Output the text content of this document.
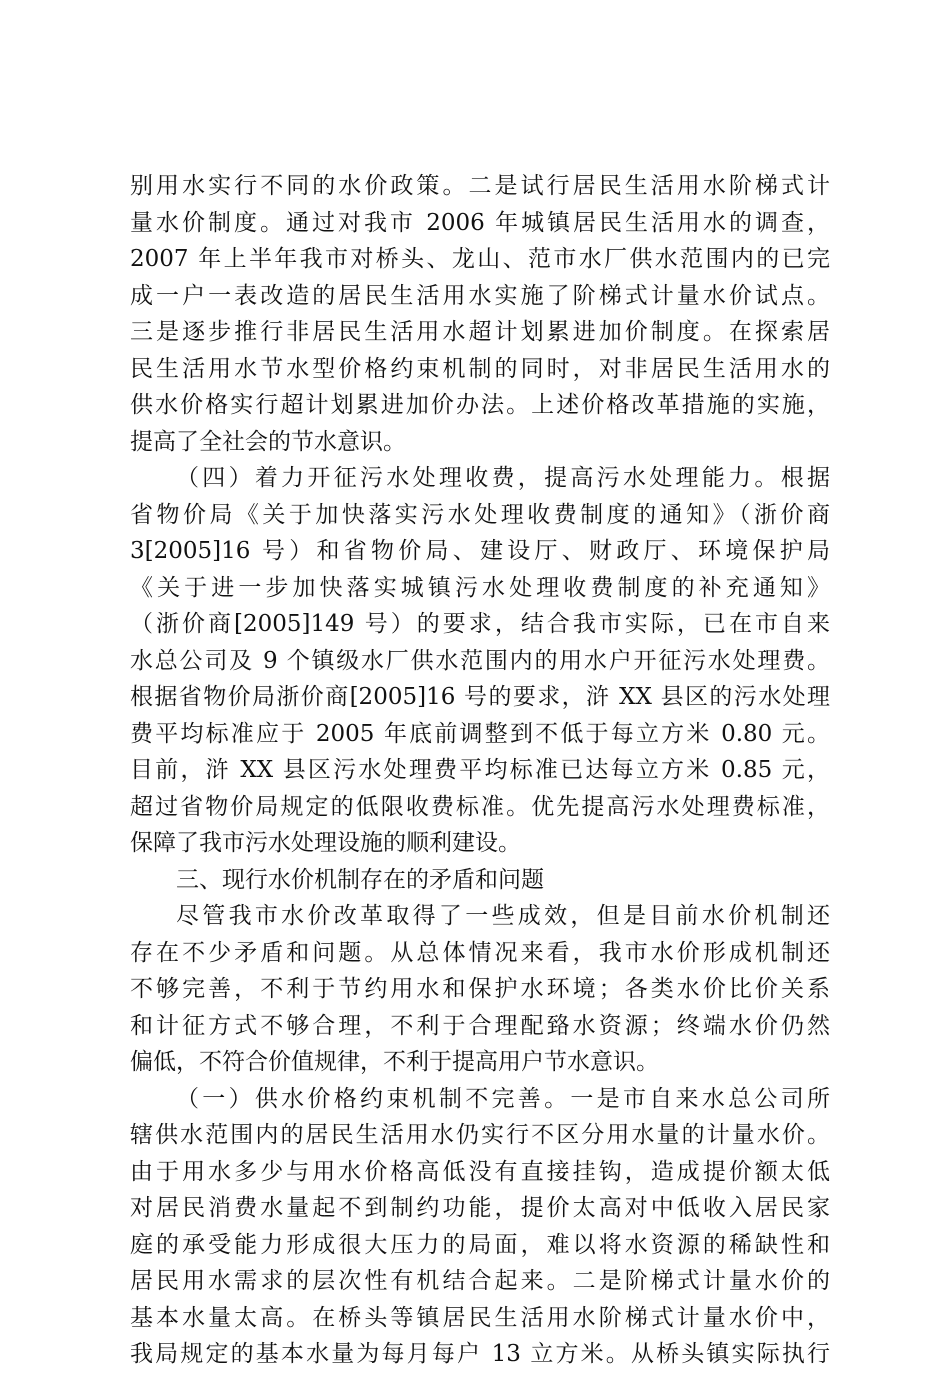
别用水实行不同的水价政策。二是试行居民生活用水阶梯式计
量水价制度。通过对我市 2006 年城镇居民生活用水的调查，
2007 年上半年我市对桥头、龙山、范市水厂供水范围内的已完
成一户一表改造的居民生活用水实施了阶梯式计量水价试点。
三是逐步推行非居民生活用水超计划累进加价制度。在探索居
民生活用水节水型价格约束机制的同时，对非居民生活用水的
供水价格实行超计划累进加价办法。上述价格改革措施的实施，
提高了全社会的节水意识。
（四）着力开征污水处理收费，提高污水处理能力。根据
省物价局《关于加快落实污水处理收费制度的通知》（浙价商
3[2005]16 号）和省物价局、建设厅、财政厅、环境保护局
《关于进一步加快落实城镇污水处理收费制度的补充通知》
（浙价商[2005]149 号）的要求，结合我市实际，已在市自来
水总公司及 9 个镇级水厂供水范围内的用水户开征污水处理费。
根据省物价局浙价商[2005]16 号的要求，浒 XX 县区的污水处理
费平均标准应于 2005 年底前调整到不低于每立方米 0.80 元。
目前，浒 XX 县区污水处理费平均标准已达每立方米 0.85 元，
超过省物价局规定的低限收费标准。优先提高污水处理费标准，
保障了我市污水处理设施的顺利建设。
三、现行水价机制存在的矛盾和问题
尽管我市水价改革取得了一些成效，但是目前水价机制还
存在不少矛盾和问题。从总体情况来看，我市水价形成机制还
不够完善，不利于节约用水和保护水环境；各类水价比价关系
和计征方式不够合理，不利于合理配臵水资源；终端水价仍然
偏低，不符合价值规律，不利于提高用户节水意识。
（一）供水价格约束机制不完善。一是市自来水总公司所
辖供水范围内的居民生活用水仍实行不区分用水量的计量水价。
由于用水多少与用水价格高低没有直接挂钩，造成提价额太低
对居民消费水量起不到制约功能，提价太高对中低收入居民家
庭的承受能力形成很大压力的局面，难以将水资源的稀缺性和
居民用水需求的层次性有机结合起来。二是阶梯式计量水价的
基本水量太高。在桥头等镇居民生活用水阶梯式计量水价中，
我局规定的基本水量为每月每户 13 立方米。从桥头镇实际执行
